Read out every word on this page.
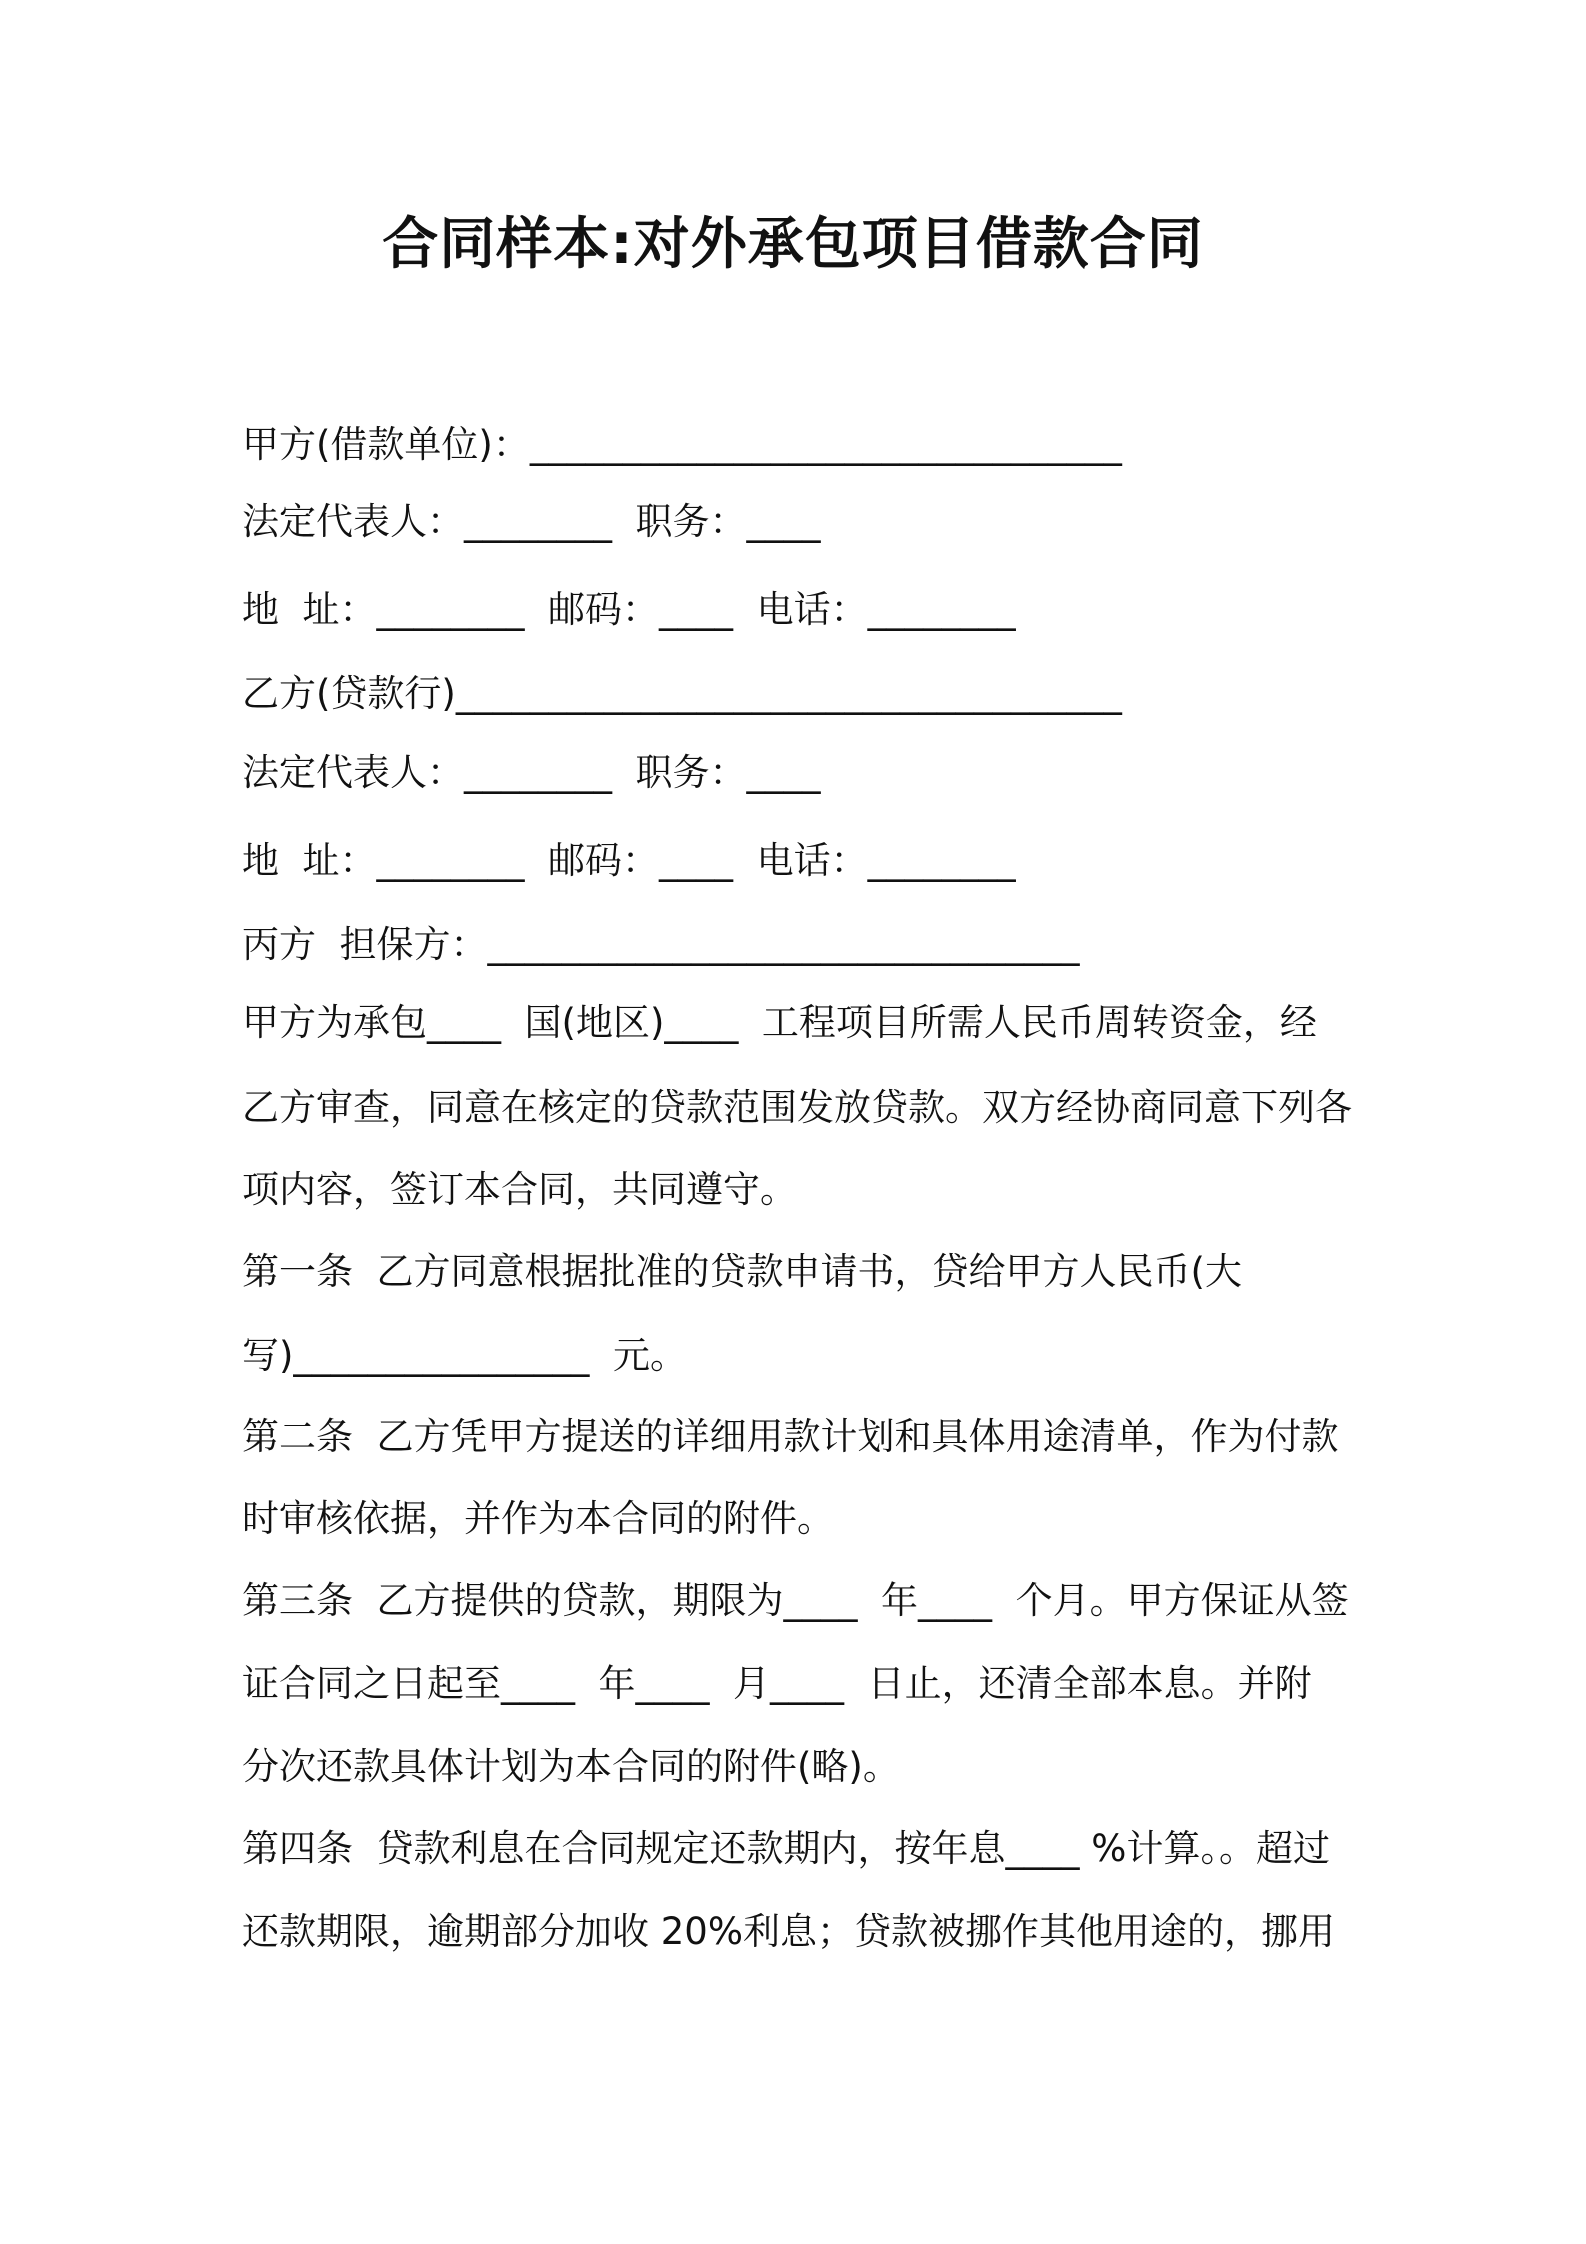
合同样本:对外承包项目借款合同
甲方(借款单位)：________________________________
法定代表人：________  职务：____
地  址：________  邮码：____  电话：________
乙方(贷款行)____________________________________
法定代表人：________  职务：____
地  址：________  邮码：____  电话：________
丙方  担保方：________________________________
甲方为承包____  国(地区)____  工程项目所需人民币周转资金，经
乙方审查，同意在核定的贷款范围发放贷款。双方经协商同意下列各
项内容，签订本合同，共同遵守。
第一条  乙方同意根据批准的贷款申请书，贷给甲方人民币(大
写)________________  元。
第二条  乙方凭甲方提送的详细用款计划和具体用途清单，作为付款
时审核依据，并作为本合同的附件。
第三条  乙方提供的贷款，期限为____  年____  个月。甲方保证从签
证合同之日起至____  年____  月____  日止，还清全部本息。并附
分次还款具体计划为本合同的附件(略)。
第四条  贷款利息在合同规定还款期内，按年息____ %计算。。超过
还款期限，逾期部分加收 20%利息；贷款被挪作其他用途的，挪用
